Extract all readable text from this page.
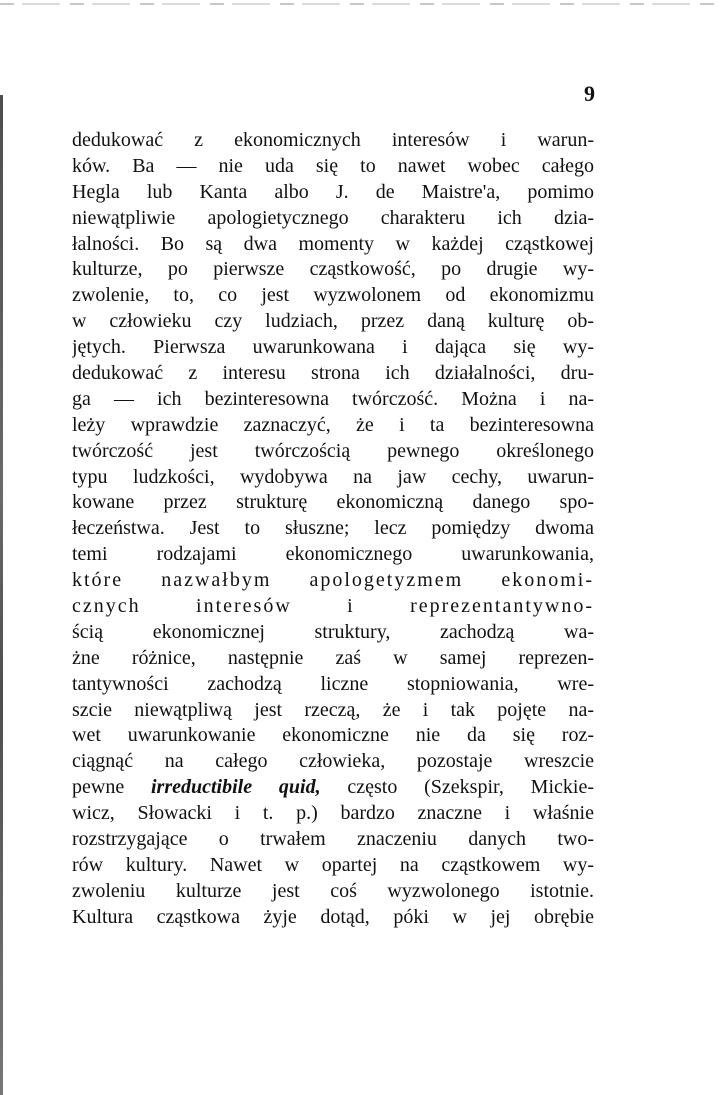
9
dedukować z ekonomicznych interesów i warun-
ków. Ba — nie uda się to nawet wobec całego
Hegla lub Kanta albo J. de Maistre'a, pomimo
niewątpliwie apologietycznego charakteru ich dzia-
łalności. Bo są dwa momenty w każdej cząstkowej
kulturze, po pierwsze cząstkowość, po drugie wy-
zwolenie, to, co jest wyzwolonem od ekonomizmu
w człowieku czy ludziach, przez daną kulturę ob-
jętych. Pierwsza uwarunkowana i dająca się wy-
dedukować z interesu strona ich działalności, dru-
ga — ich bezinteresowna twórczość. Można i na-
leży wprawdzie zaznaczyć, że i ta bezinteresowna
twórczość jest twórczością pewnego określonego
typu ludzkości, wydobywa na jaw cechy, uwarun-
kowane przez strukturę ekonomiczną danego spo-
łeczeństwa. Jest to słuszne; lecz pomiędzy dwoma
temi rodzajami ekonomicznego uwarunkowania,
które nazwałbym apologetyzmem ekonomi-
cznych interesów i reprezentantywno-
ścią ekonomicznej struktury, zachodzą wa-
żne różnice, następnie zaś w samej reprezen-
tantywności zachodzą liczne stopniowania, wre-
szcie niewątpliwą jest rzeczą, że i tak pojęte na-
wet uwarunkowanie ekonomiczne nie da się roz-
ciągnąć na całego człowieka, pozostaje wreszcie
pewne irreductibile quid, często (Szekspir, Mickie-
wicz, Słowacki i t. p.) bardzo znaczne i właśnie
rozstrzygające o trwałem znaczeniu danych two-
rów kultury. Nawet w opartej na cząstkowem wy-
zwoleniu kulturze jest coś wyzwolonego istotnie.
Kultura cząstkowa żyje dotąd, póki w jej obrębie
